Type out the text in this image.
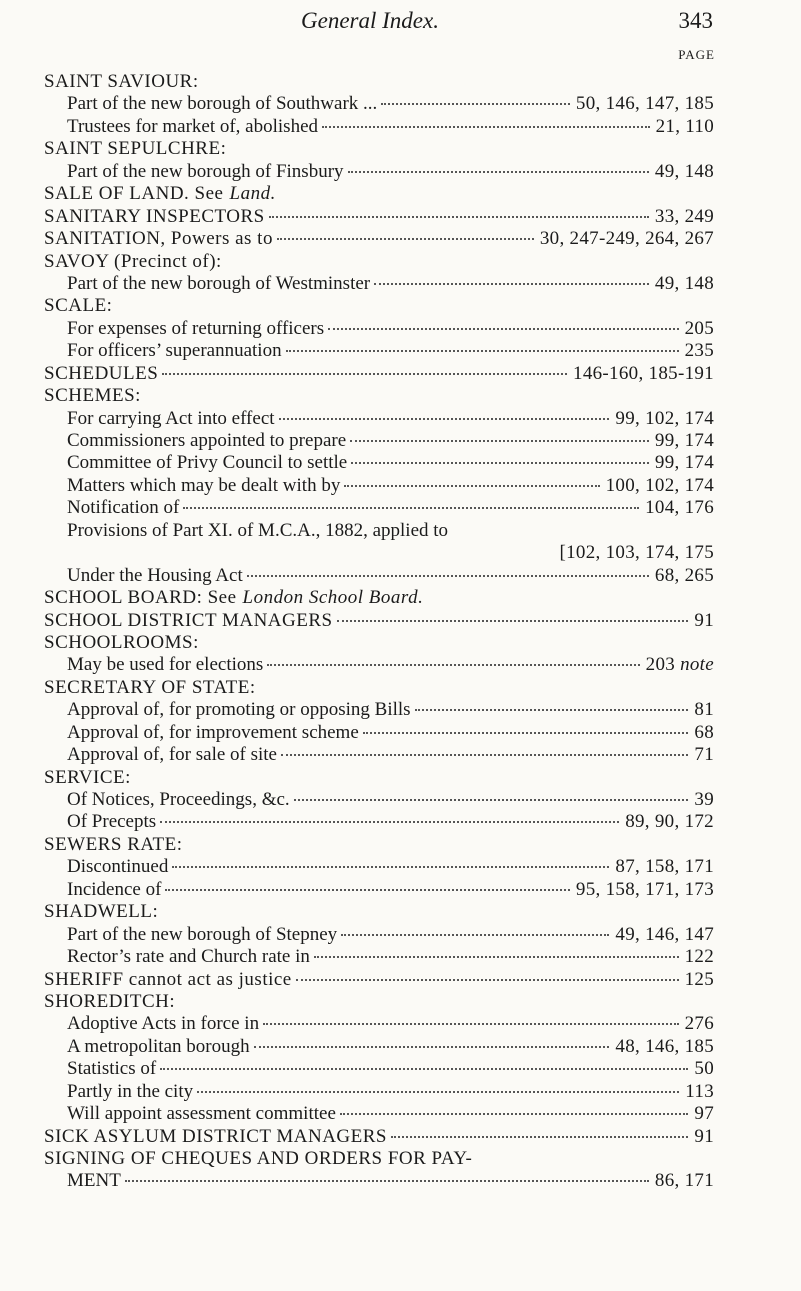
General Index.	343
PAGE
SAINT SAVIOUR:
Part of the new borough of Southwark ...	50, 146, 147, 185
Trustees for market of, abolished	21, 110
SAINT SEPULCHRE:
Part of the new borough of Finsbury	49, 148
SALE OF LAND. See Land.
SANITARY INSPECTORS	33, 249
SANITATION, Powers as to	30, 247-249, 264, 267
SAVOY (Precinct of):
Part of the new borough of Westminster	49, 148
SCALE:
For expenses of returning officers	205
For officers’ superannuation	235
SCHEDULES	146-160, 185-191
SCHEMES:
For carrying Act into effect	99, 102, 174
Commissioners appointed to prepare	99, 174
Committee of Privy Council to settle	99, 174
Matters which may be dealt with by	100, 102, 174
Notification of	104, 176
Provisions of Part XI. of M.C.A., 1882, applied to
[102, 103, 174, 175
Under the Housing Act	68, 265
SCHOOL BOARD: See London School Board.
SCHOOL DISTRICT MANAGERS	91
SCHOOLROOMS:
May be used for elections	203 note
SECRETARY OF STATE:
Approval of, for promoting or opposing Bills	81
Approval of, for improvement scheme	68
Approval of, for sale of site	71
SERVICE:
Of Notices, Proceedings, &c.	39
Of Precepts	89, 90, 172
SEWERS RATE:
Discontinued	87, 158, 171
Incidence of	95, 158, 171, 173
SHADWELL:
Part of the new borough of Stepney	49, 146, 147
Rector’s rate and Church rate in	122
SHERIFF cannot act as justice	125
SHOREDITCH:
Adoptive Acts in force in	276
A metropolitan borough	48, 146, 185
Statistics of	50
Partly in the city	113
Will appoint assessment committee	97
SICK ASYLUM DISTRICT MANAGERS	91
SIGNING OF CHEQUES AND ORDERS FOR PAY-
MENT	86, 171
